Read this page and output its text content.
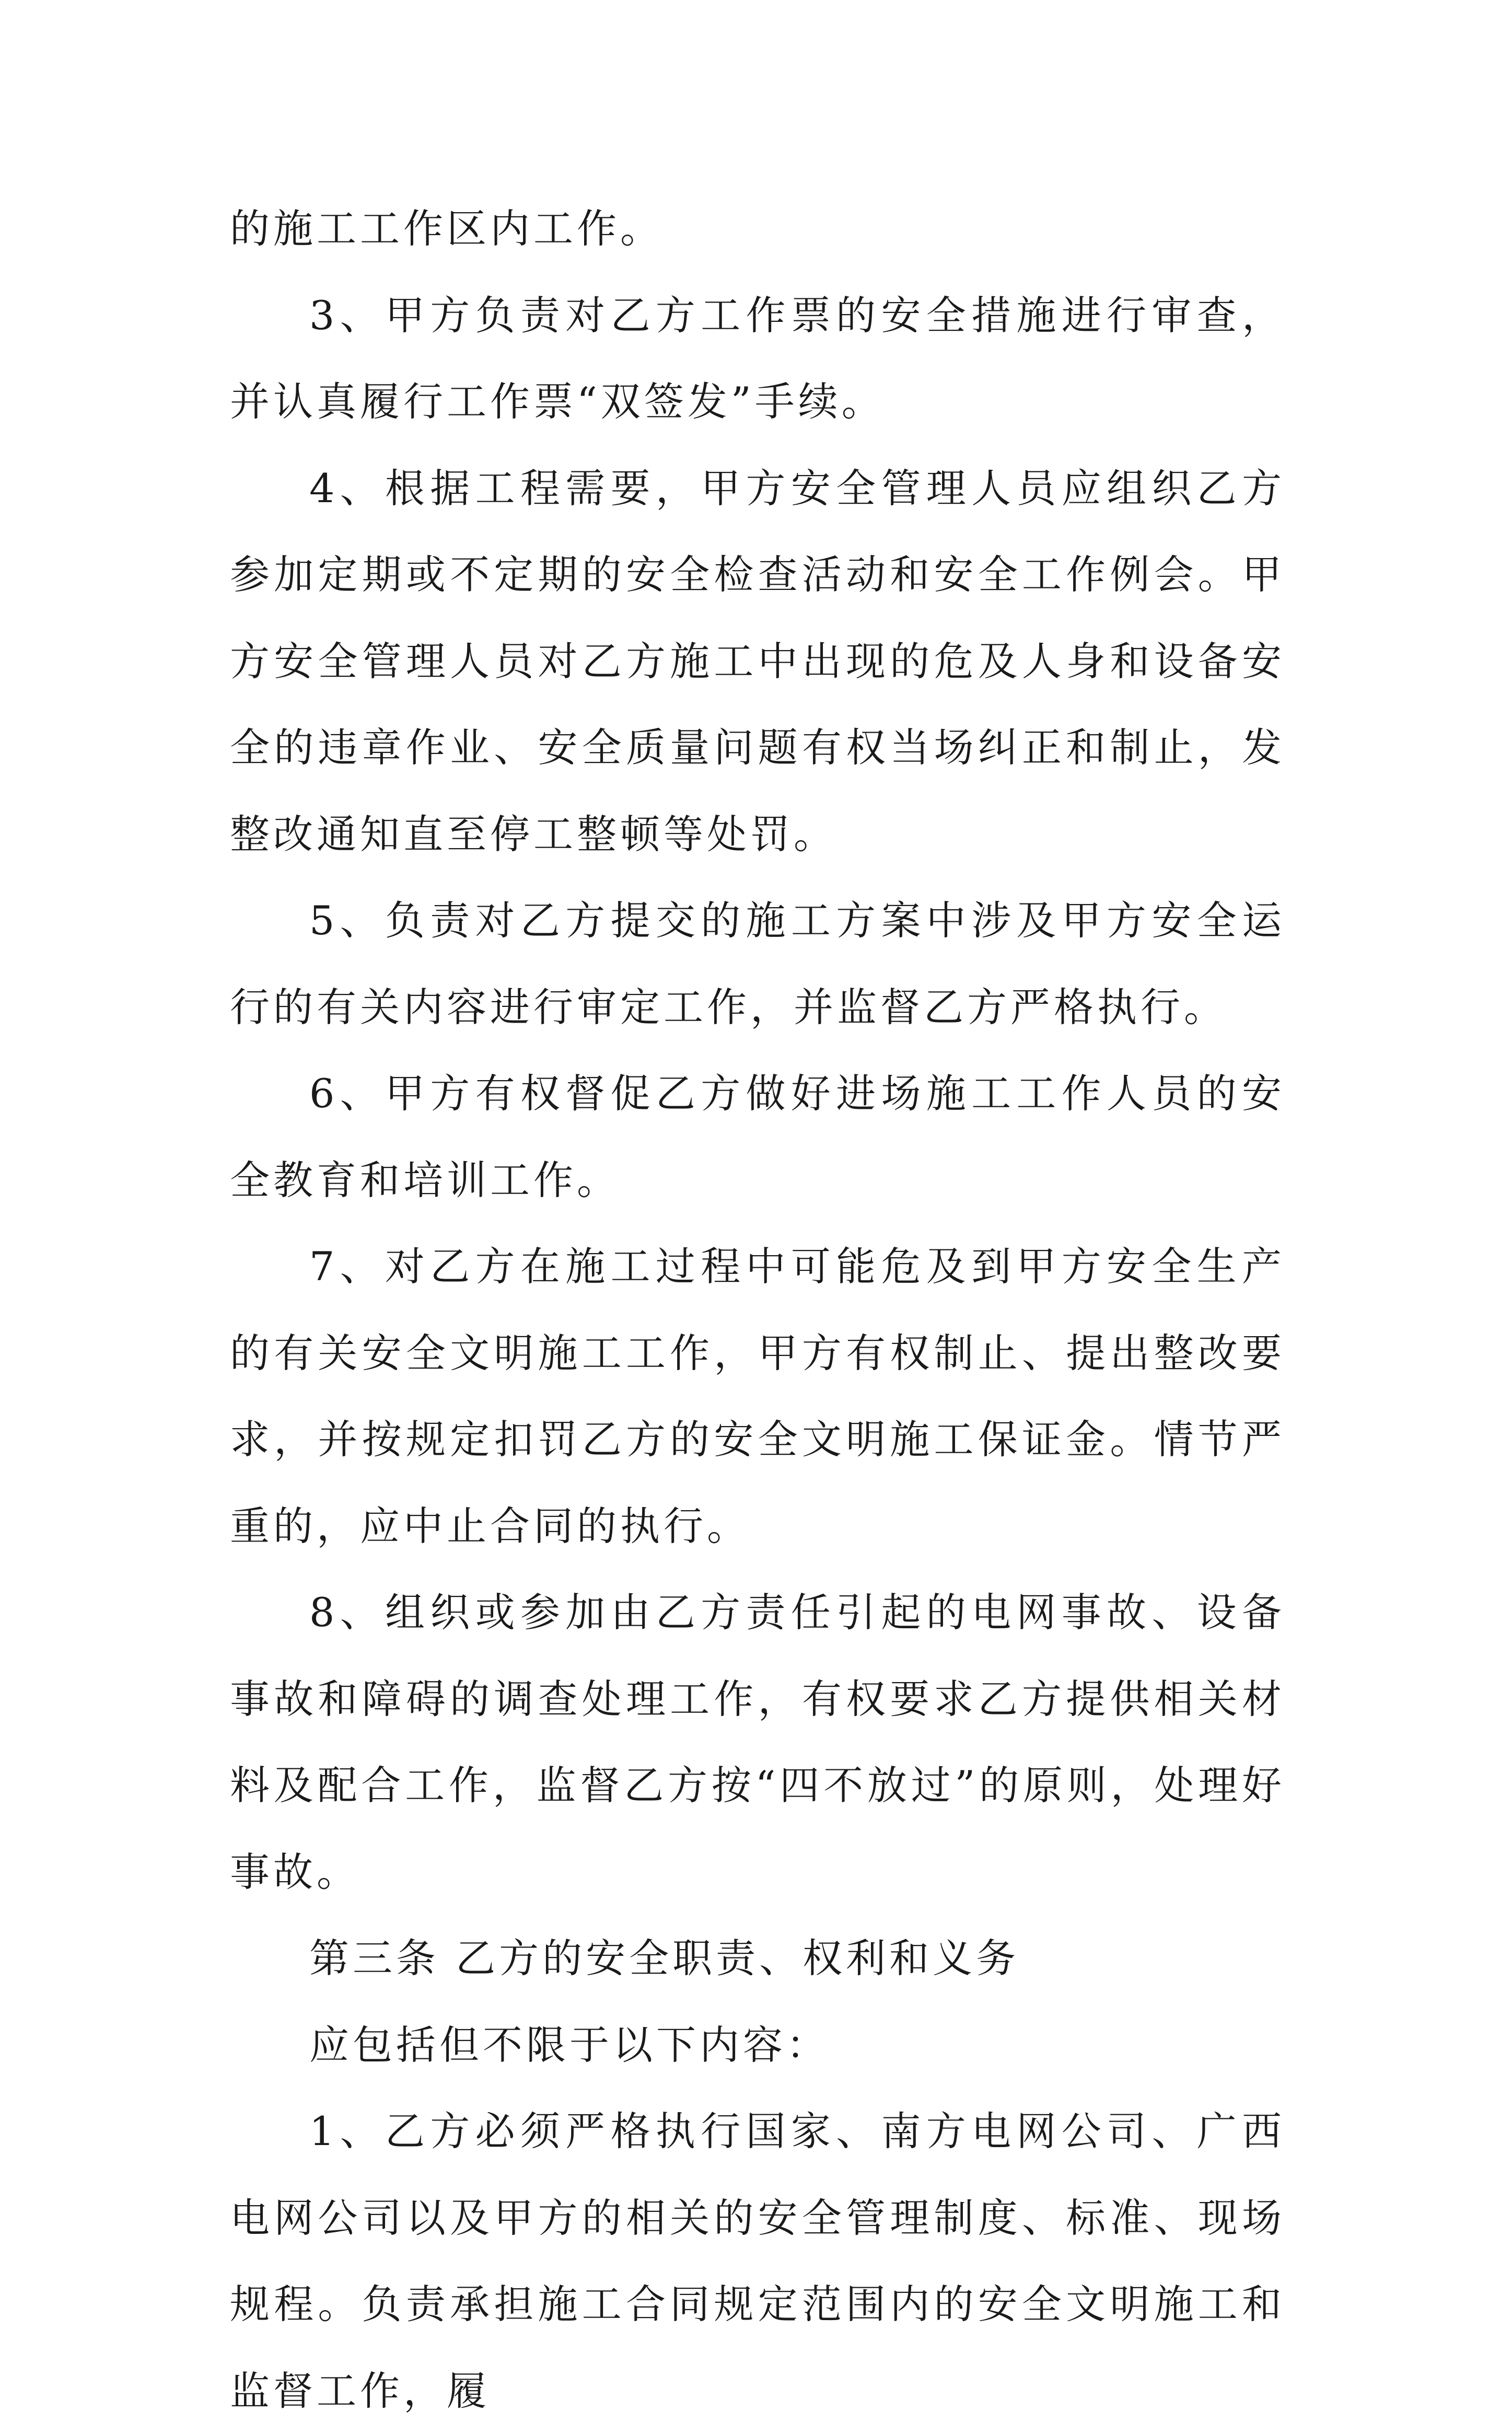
的施工工作区内工作。

3、甲方负责对乙方工作票的安全措施进行审查，并认真履行工作票“双签发”手续。

4、根据工程需要，甲方安全管理人员应组织乙方参加定期或不定期的安全检查活动和安全工作例会。甲方安全管理人员对乙方施工中出现的危及人身和设备安全的违章作业、安全质量问题有权当场纠正和制止，发整改通知直至停工整顿等处罚。

5、负责对乙方提交的施工方案中涉及甲方安全运行的有关内容进行审定工作，并监督乙方严格执行。

6、甲方有权督促乙方做好进场施工工作人员的安全教育和培训工作。

7、对乙方在施工过程中可能危及到甲方安全生产的有关安全文明施工工作，甲方有权制止、提出整改要求，并按规定扣罚乙方的安全文明施工保证金。情节严重的，应中止合同的执行。

8、组织或参加由乙方责任引起的电网事故、设备事故和障碍的调查处理工作，有权要求乙方提供相关材料及配合工作，监督乙方按“四不放过”的原则，处理好事故。

第三条 乙方的安全职责、权利和义务

应包括但不限于以下内容：

1、乙方必须严格执行国家、南方电网公司、广西电网公司以及甲方的相关的安全管理制度、标准、现场规程。负责承担施工合同规定范围内的安全文明施工和监督工作，履
